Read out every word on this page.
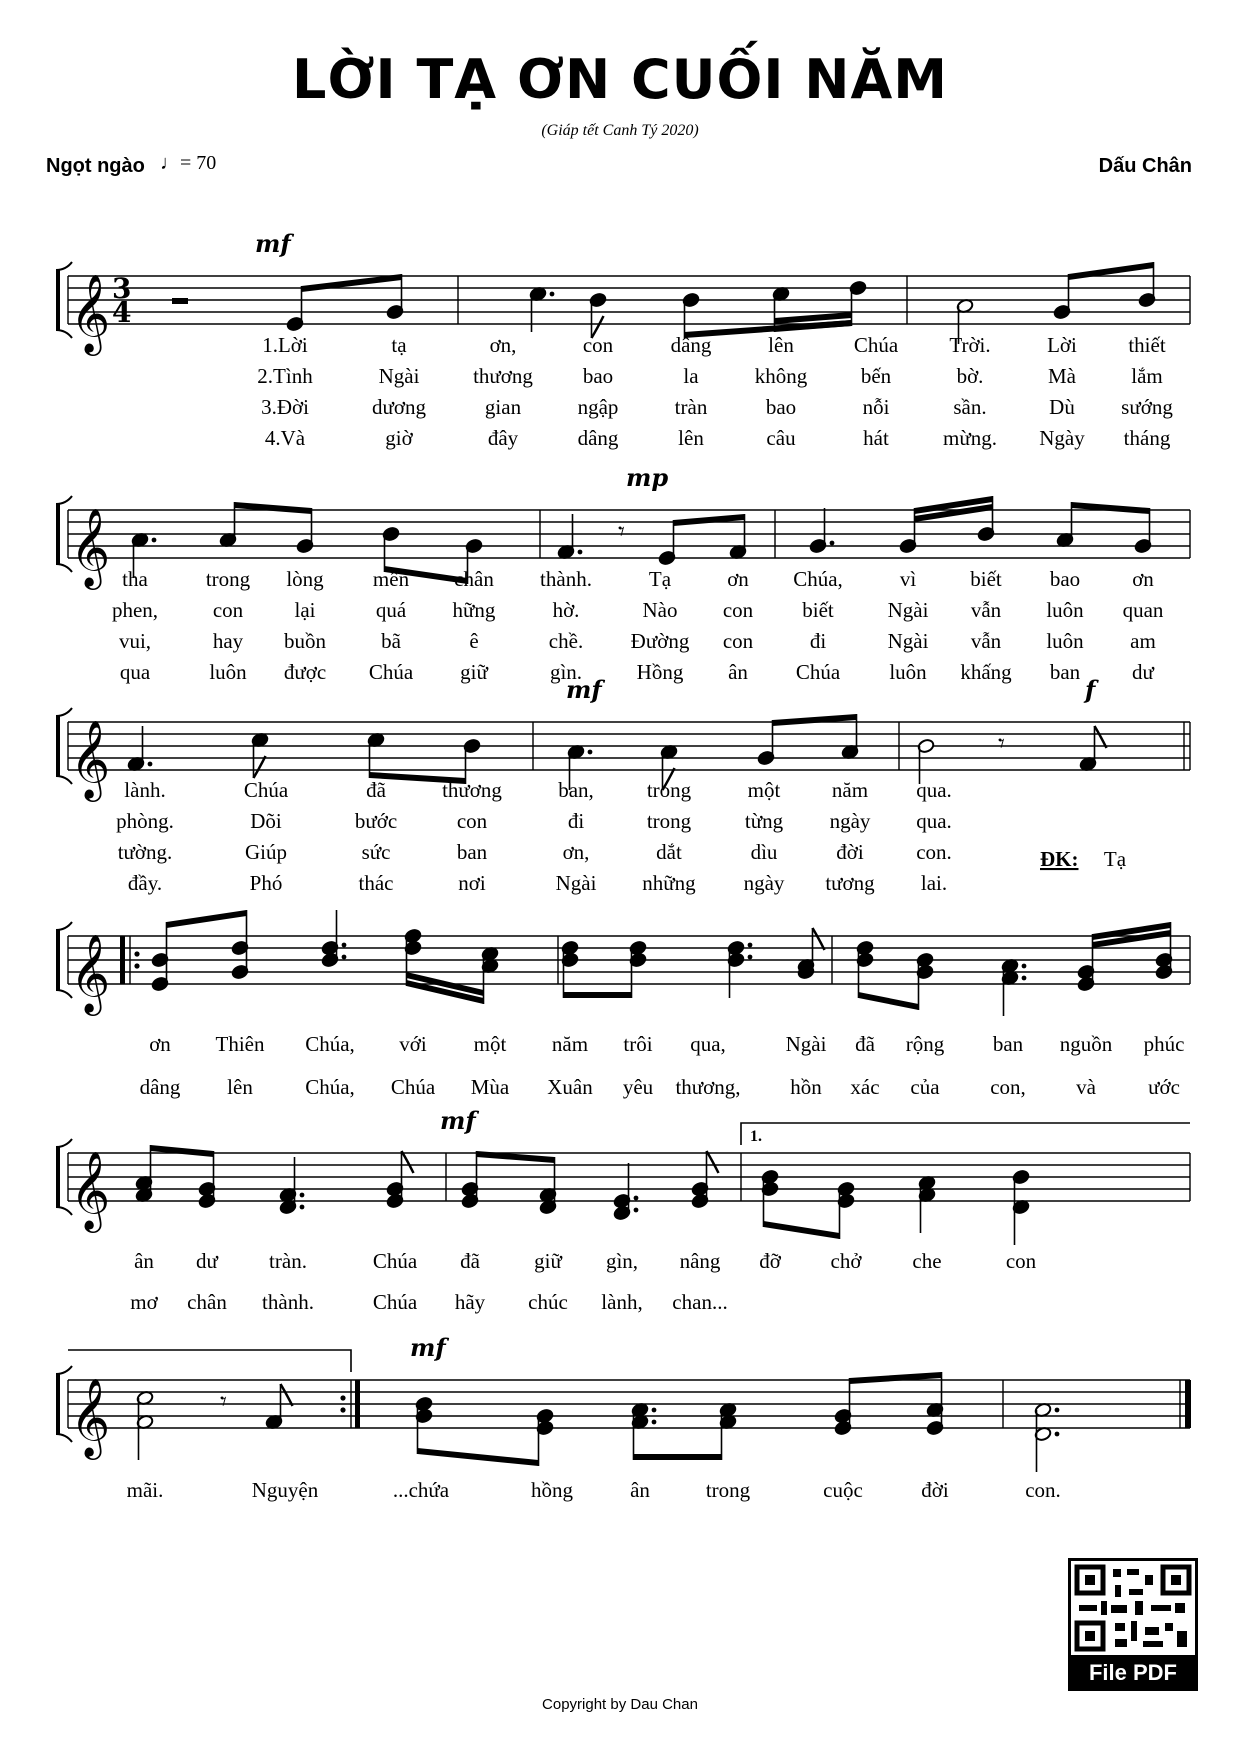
LỜI TẠ ƠN CUỐI NĂM
(Giáp tết Canh Tý 2020)
Ngọt ngào ♩= 70	Dấu Chân
𝄞
𝄞
𝄞
𝄞
𝄞
𝄞
3
4
1.
mf
𝄾
mp
𝄾
mf	f
mf
𝄾
mf
1.Lời	tạ	ơn,	con	dâng	lên	Chúa Trời.	Lời thiết
2.Tình	Ngài	thương bao	la	không	bến	bờ.	Mà	lắm
3.Đời	dương	gian	ngập	tràn	bao	nỗi	sần.	Dù sướng
4.Và	giờ	đây	dâng	lên	câu	hát	mừng. Ngày tháng
tha	trong lòng mến chân thành.	Tạ	ơn Chúa,	vì	biết bao ơn
phen,	con lại	quá hững	hờ.	Nào con biết	Ngài vẫn luôn quan
vui,	hay buồn	bã	ê	chề. Đường con	đi	Ngài vẫn luôn am
qua	luôn được Chúa giữ	gìn.	Hồng ân Chúa luôn khấng ban dư
lành.	Chúa	đã	thương	ban,	trong	một năm qua.
phòng.	Dõi	bước	con	đi	trong	từng ngày qua.
tường.	Giúp	sức	ban	ơn,	dắt	dìu	đời con.
đầy.	Phó	thác	nơi	Ngài những ngày tương lai.
ơn Thiên Chúa, với một năm trôi qua,	Ngài đã rộng ban nguồn phúc
dâng lên Chúa, Chúa Mùa Xuân yêu thương, hồn xác của con, và ước
ân dư tràn.	Chúa đã	giữ gìn, nâng đỡ chở che	con
mơ chân thành.	Chúa hãy chúc lành, chan...
mãi.	Nguyện	...chứa	hồng	ân	trong	cuộc	đời	con.
ĐK: Tạ
Copyright by Dau Chan
File PDF
